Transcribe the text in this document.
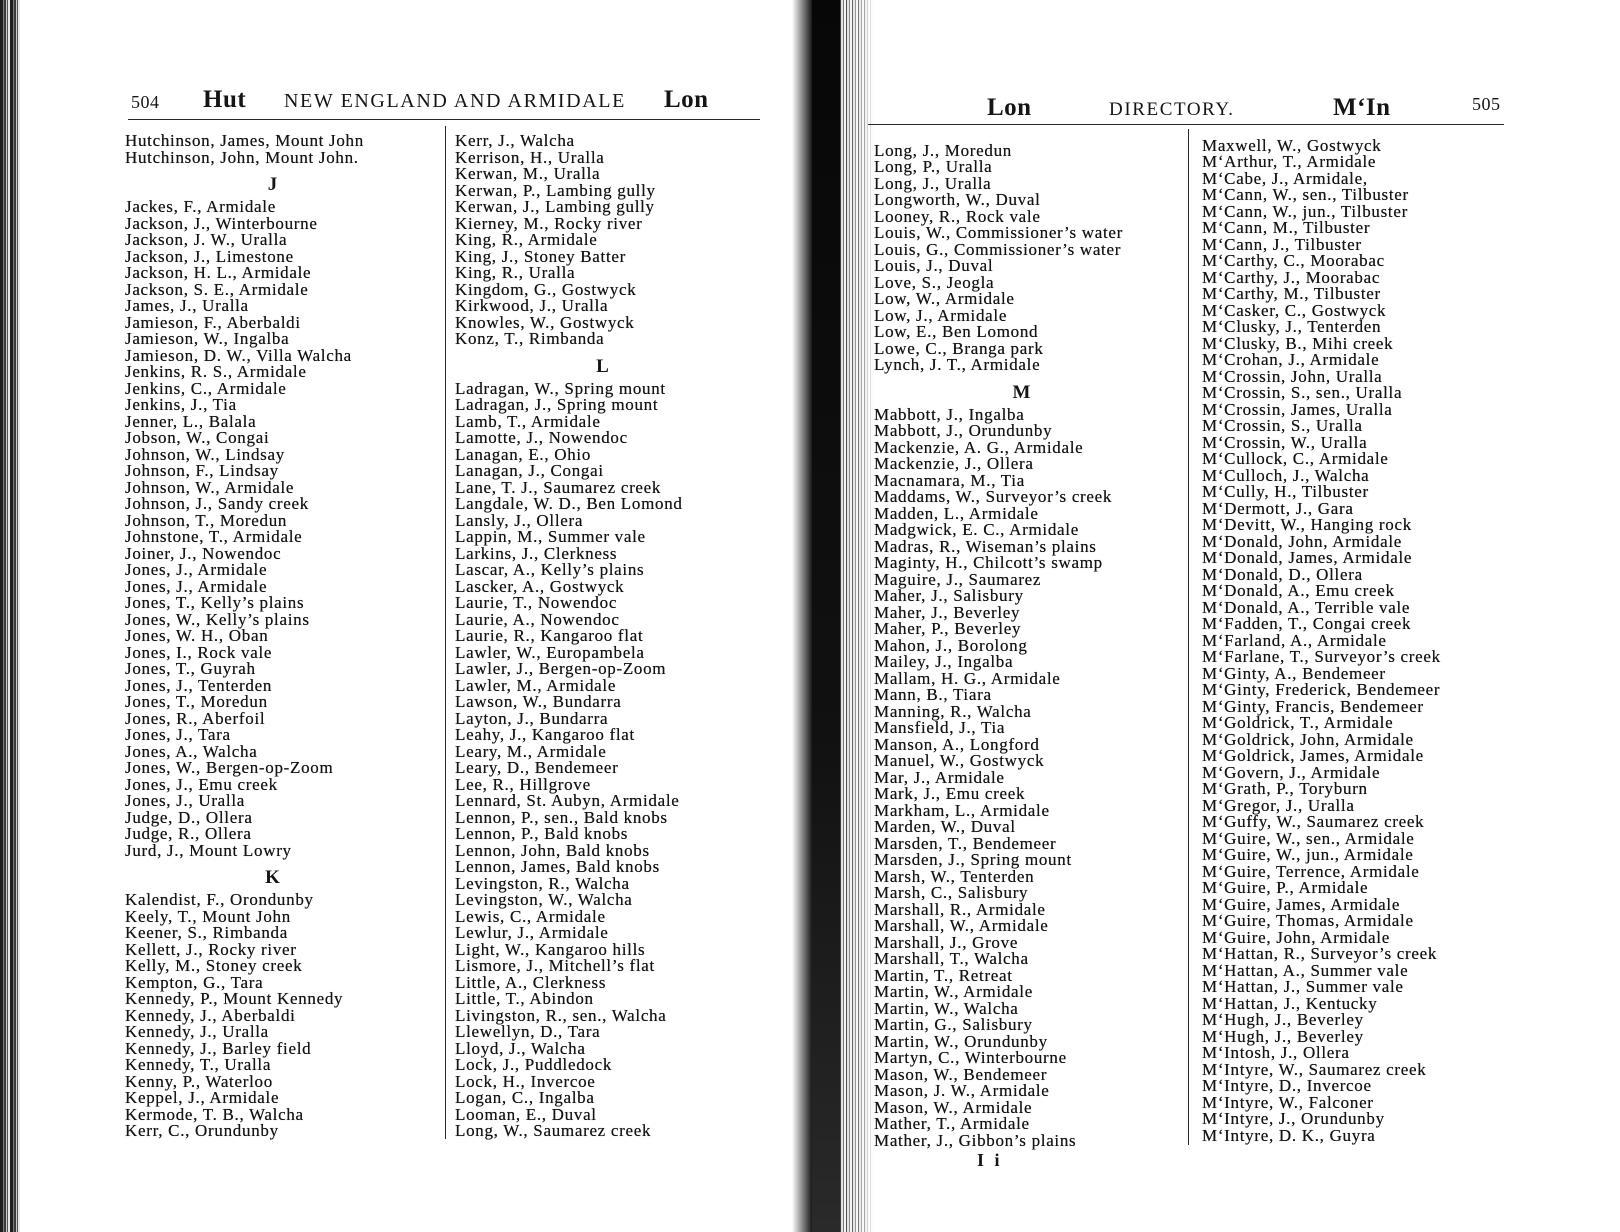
504 Hut NEW ENGLAND AND ARMIDALE Lon
Hutchinson, James, Mount John
Hutchinson, John, Mount John.
J
Jackes, F., Armidale
Jackson, J., Winterbourne
Jackson, J. W., Uralla
Jackson, J., Limestone
Jackson, H. L., Armidale
Jackson, S. E., Armidale
James, J., Uralla
Jamieson, F., Aberbaldi
Jamieson, W., Ingalba
Jamieson, D. W., Villa Walcha
Jenkins, R. S., Armidale
Jenkins, C., Armidale
Jenkins, J., Tia
Jenner, L., Balala
Jobson, W., Congai
Johnson, W., Lindsay
Johnson, F., Lindsay
Johnson, W., Armidale
Johnson, J., Sandy creek
Johnson, T., Moredun
Johnstone, T., Armidale
Joiner, J., Nowendoc
Jones, J., Armidale
Jones, J., Armidale
Jones, T., Kelly’s plains
Jones, W., Kelly’s plains
Jones, W. H., Oban
Jones, I., Rock vale
Jones, T., Guyrah
Jones, J., Tenterden
Jones, T., Moredun
Jones, R., Aberfoil
Jones, J., Tara
Jones, A., Walcha
Jones, W., Bergen-op-Zoom
Jones, J., Emu creek
Jones, J., Uralla
Judge, D., Ollera
Judge, R., Ollera
Jurd, J., Mount Lowry
K
Kalendist, F., Orondunby
Keely, T., Mount John
Keener, S., Rimbanda
Kellett, J., Rocky river
Kelly, M., Stoney creek
Kempton, G., Tara
Kennedy, P., Mount Kennedy
Kennedy, J., Aberbaldi
Kennedy, J., Uralla
Kennedy, J., Barley field
Kennedy, T., Uralla
Kenny, P., Waterloo
Keppel, J., Armidale
Kermode, T. B., Walcha
Kerr, C., Orundunby
Kerr, J., Walcha
Kerrison, H., Uralla
Kerwan, M., Uralla
Kerwan, P., Lambing gully
Kerwan, J., Lambing gully
Kierney, M., Rocky river
King, R., Armidale
King, J., Stoney Batter
King, R., Uralla
Kingdom, G., Gostwyck
Kirkwood, J., Uralla
Knowles, W., Gostwyck
Konz, T., Rimbanda
L
Ladragan, W., Spring mount
Ladragan, J., Spring mount
Lamb, T., Armidale
Lamotte, J., Nowendoc
Lanagan, E., Ohio
Lanagan, J., Congai
Lane, T. J., Saumarez creek
Langdale, W. D., Ben Lomond
Lansly, J., Ollera
Lappin, M., Summer vale
Larkins, J., Clerkness
Lascar, A., Kelly’s plains
Lascker, A., Gostwyck
Laurie, T., Nowendoc
Laurie, A., Nowendoc
Laurie, R., Kangaroo flat
Lawler, W., Europambela
Lawler, J., Bergen-op-Zoom
Lawler, M., Armidale
Lawson, W., Bundarra
Layton, J., Bundarra
Leahy, J., Kangaroo flat
Leary, M., Armidale
Leary, D., Bendemeer
Lee, R., Hillgrove
Lennard, St. Aubyn, Armidale
Lennon, P., sen., Bald knobs
Lennon, P., Bald knobs
Lennon, John, Bald knobs
Lennon, James, Bald knobs
Levingston, R., Walcha
Levingston, W., Walcha
Lewis, C., Armidale
Lewlur, J., Armidale
Light, W., Kangaroo hills
Lismore, J., Mitchell’s flat
Little, A., Clerkness
Little, T., Abindon
Livingston, R., sen., Walcha
Llewellyn, D., Tara
Lloyd, J., Walcha
Lock, J., Puddledock
Lock, H., Invercoe
Logan, C., Ingalba
Looman, E., Duval
Long, W., Saumarez creek
Lon	DIRECTORY.	M‘In	505
Long, J., Moredun
Long, P., Uralla
Long, J., Uralla
Longworth, W., Duval
Looney, R., Rock vale
Louis, W., Commissioner’s water
Louis, G., Commissioner’s water
Louis, J., Duval
Love, S., Jeogla
Low, W., Armidale
Low, J., Armidale
Low, E., Ben Lomond
Lowe, C., Branga park
Lynch, J. T., Armidale
M
Mabbott, J., Ingalba
Mabbott, J., Orundunby
Mackenzie, A. G., Armidale
Mackenzie, J., Ollera
Macnamara, M., Tia
Maddams, W., Surveyor’s creek
Madden, L., Armidale
Madgwick, E. C., Armidale
Madras, R., Wiseman’s plains
Maginty, H., Chilcott’s swamp
Maguire, J., Saumarez
Maher, J., Salisbury
Maher, J., Beverley
Maher, P., Beverley
Mahon, J., Borolong
Mailey, J., Ingalba
Mallam, H. G., Armidale
Mann, B., Tiara
Manning, R., Walcha
Mansfield, J., Tia
Manson, A., Longford
Manuel, W., Gostwyck
Mar, J., Armidale
Mark, J., Emu creek
Markham, L., Armidale
Marden, W., Duval
Marsden, T., Bendemeer
Marsden, J., Spring mount
Marsh, W., Tenterden
Marsh, C., Salisbury
Marshall, R., Armidale
Marshall, W., Armidale
Marshall, J., Grove
Marshall, T., Walcha
Martin, T., Retreat
Martin, W., Armidale
Martin, W., Walcha
Martin, G., Salisbury
Martin, W., Orundunby
Martyn, C., Winterbourne
Mason, W., Bendemeer
Mason, J. W., Armidale
Mason, W., Armidale
Mather, T., Armidale
Mather, J., Gibbon’s plains
Maxwell, W., Gostwyck
M‘Arthur, T., Armidale
M‘Cabe, J., Armidale,
M‘Cann, W., sen., Tilbuster
M‘Cann, W., jun., Tilbuster
M‘Cann, M., Tilbuster
M‘Cann, J., Tilbuster
M‘Carthy, C., Moorabac
M‘Carthy, J., Moorabac
M‘Carthy, M., Tilbuster
M‘Casker, C., Gostwyck
M‘Clusky, J., Tenterden
M‘Clusky, B., Mihi creek
M‘Crohan, J., Armidale
M‘Crossin, John, Uralla
M‘Crossin, S., sen., Uralla
M‘Crossin, James, Uralla
M‘Crossin, S., Uralla
M‘Crossin, W., Uralla
M‘Cullock, C., Armidale
M‘Culloch, J., Walcha
M‘Cully, H., Tilbuster
M‘Dermott, J., Gara
M‘Devitt, W., Hanging rock
M‘Donald, John, Armidale
M‘Donald, James, Armidale
M‘Donald, D., Ollera
M‘Donald, A., Emu creek
M‘Donald, A., Terrible vale
M‘Fadden, T., Congai creek
M‘Farland, A., Armidale
M‘Farlane, T., Surveyor’s creek
M‘Ginty, A., Bendemeer
M‘Ginty, Frederick, Bendemeer
M‘Ginty, Francis, Bendemeer
M‘Goldrick, T., Armidale
M‘Goldrick, John, Armidale
M‘Goldrick, James, Armidale
M‘Govern, J., Armidale
M‘Grath, P., Toryburn
M‘Gregor, J., Uralla
M‘Guffy, W., Saumarez creek
M‘Guire, W., sen., Armidale
M‘Guire, W., jun., Armidale
M‘Guire, Terrence, Armidale
M‘Guire, P., Armidale
M‘Guire, James, Armidale
M‘Guire, Thomas, Armidale
M‘Guire, John, Armidale
M‘Hattan, R., Surveyor’s creek
M‘Hattan, A., Summer vale
M‘Hattan, J., Summer vale
M‘Hattan, J., Kentucky
M‘Hugh, J., Beverley
M‘Hugh, J., Beverley
M‘Intosh, J., Ollera
M‘Intyre, W., Saumarez creek
M‘Intyre, D., Invercoe
M‘Intyre, W., Falconer
M‘Intyre, J., Orundunby
M‘Intyre, D. K., Guyra
I i
